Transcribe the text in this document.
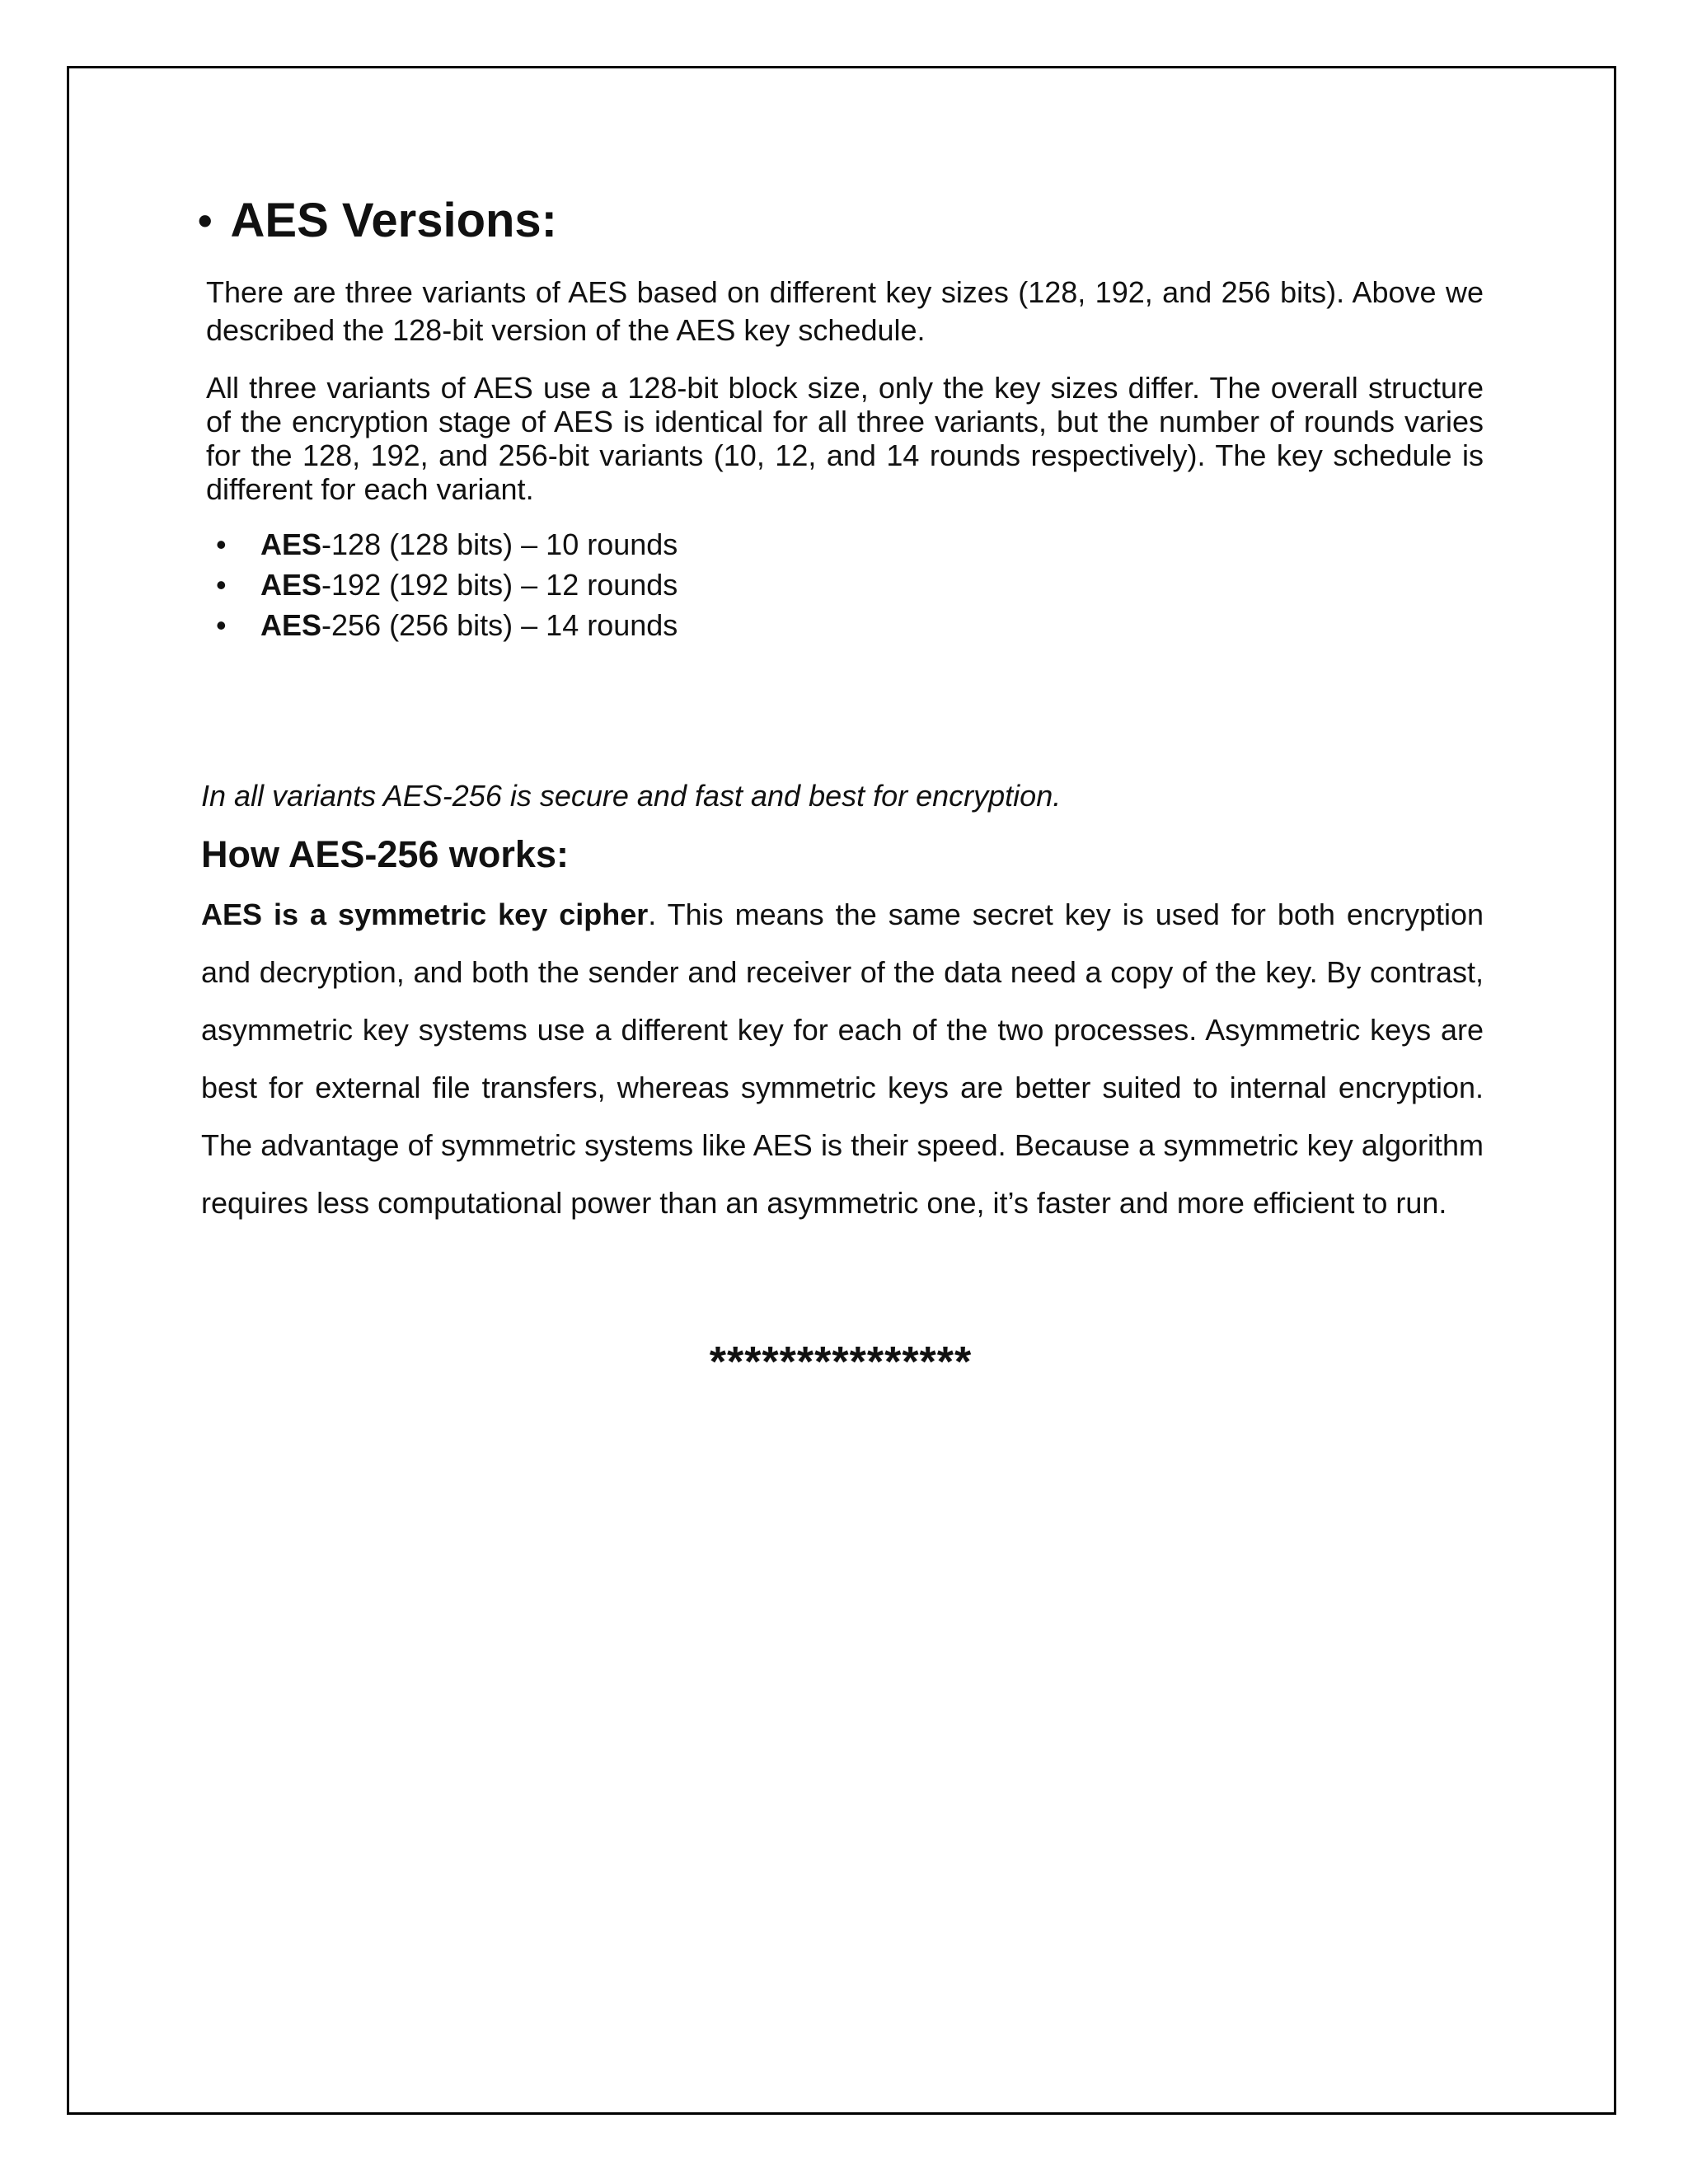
• AES Versions:

There are three variants of AES based on different key sizes (128, 192, and 256 bits). Above we described the 128-bit version of the AES key schedule.

All three variants of AES use a 128-bit block size, only the key sizes differ. The overall structure of the encryption stage of AES is identical for all three variants, but the number of rounds varies for the 128, 192, and 256-bit variants (10, 12, and 14 rounds respectively). The key schedule is different for each variant.

•	AES-128 (128 bits) – 10 rounds
•	AES-192 (192 bits) – 12 rounds
•	AES-256 (256 bits) – 14 rounds

In all variants AES-256 is secure and fast and best for encryption.

How AES-256 works:

AES is a symmetric key cipher. This means the same secret key is used for both encryption and decryption, and both the sender and receiver of the data need a copy of the key. By contrast, asymmetric key systems use a different key for each of the two processes. Asymmetric keys are best for external file transfers, whereas symmetric keys are better suited to internal encryption. The advantage of symmetric systems like AES is their speed. Because a symmetric key algorithm requires less computational power than an asymmetric one, it’s faster and more efficient to run.

***************
